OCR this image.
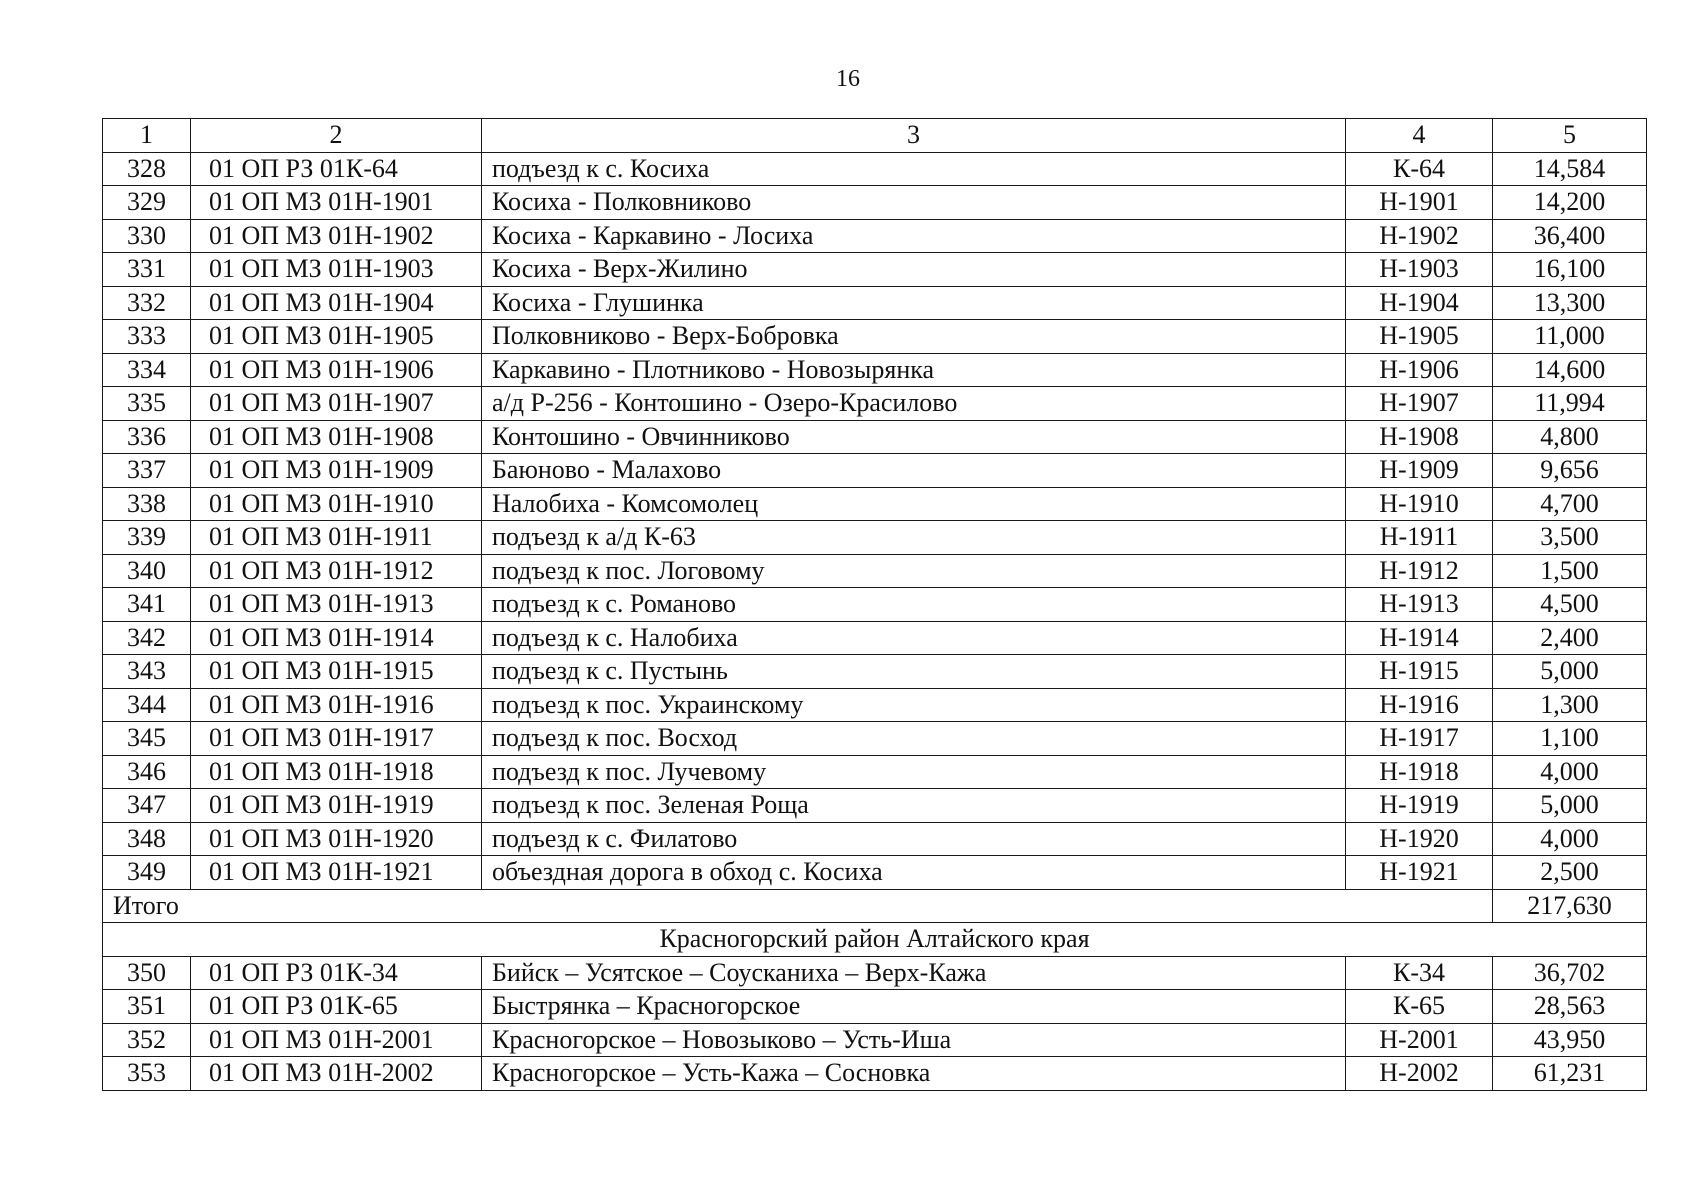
16
1	2	3	4	5
328	01 ОП РЗ 01К-64	подъезд к с. Косиха	К-64	14,584
329	01 ОП МЗ 01Н-1901	Косиха - Полковниково	Н-1901	14,200
330	01 ОП МЗ 01Н-1902	Косиха - Каркавино - Лосиха	Н-1902	36,400
331	01 ОП МЗ 01Н-1903	Косиха - Верх-Жилино	Н-1903	16,100
332	01 ОП МЗ 01Н-1904	Косиха - Глушинка	Н-1904	13,300
333	01 ОП МЗ 01Н-1905	Полковниково - Верх-Бобровка	Н-1905	11,000
334	01 ОП МЗ 01Н-1906	Каркавино - Плотниково - Новозырянка	Н-1906	14,600
335	01 ОП МЗ 01Н-1907	а/д Р-256 - Контошино - Озеро-Красилово	Н-1907	11,994
336	01 ОП МЗ 01Н-1908	Контошино - Овчинниково	Н-1908	4,800
337	01 ОП МЗ 01Н-1909	Баюново - Малахово	Н-1909	9,656
338	01 ОП МЗ 01Н-1910	Налобиха - Комсомолец	Н-1910	4,700
339	01 ОП МЗ 01Н-1911	подъезд к а/д К-63	Н-1911	3,500
340	01 ОП МЗ 01Н-1912	подъезд к пос. Логовому	Н-1912	1,500
341	01 ОП МЗ 01Н-1913	подъезд к с. Романово	Н-1913	4,500
342	01 ОП МЗ 01Н-1914	подъезд к с. Налобиха	Н-1914	2,400
343	01 ОП МЗ 01Н-1915	подъезд к с. Пустынь	Н-1915	5,000
344	01 ОП МЗ 01Н-1916	подъезд к пос. Украинскому	Н-1916	1,300
345	01 ОП МЗ 01Н-1917	подъезд к пос. Восход	Н-1917	1,100
346	01 ОП МЗ 01Н-1918	подъезд к пос. Лучевому	Н-1918	4,000
347	01 ОП МЗ 01Н-1919	подъезд к пос. Зеленая Роща	Н-1919	5,000
348	01 ОП МЗ 01Н-1920	подъезд к с. Филатово	Н-1920	4,000
349	01 ОП МЗ 01Н-1921	объездная дорога в обход с. Косиха	Н-1921	2,500
Итого				217,630
Красногорский район Алтайского края				
350	01 ОП РЗ 01К-34	Бийск – Усятское – Соусканиха – Верх-Кажа	К-34	36,702
351	01 ОП РЗ 01К-65	Быстрянка – Красногорское	К-65	28,563
352	01 ОП МЗ 01Н-2001	Красногорское – Новозыково – Усть-Иша	Н-2001	43,950
353	01 ОП МЗ 01Н-2002	Красногорское – Усть-Кажа – Сосновка	Н-2002	61,231
